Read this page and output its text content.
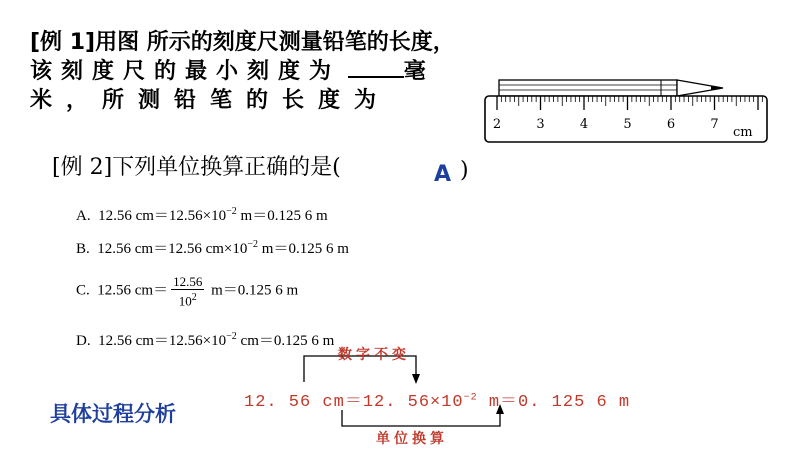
[例 1]用图 所示的刻度尺测量铅笔的长度，
该刻度尺的最小刻度为	毫
米，所测铅笔的长度为
2	3	4	5	6	7
cm
[例 2]下列单位换算正确的是(	A )
A. 12.56 $cm=12.56\times 10^{-2}$ m＝0.125 6 m
B. 12.56 cm＝12.56 $cm\times 10^{-2}$ m＝0.125 6 m
C. 12.56 $cm= \frac{12.56}{10^2} m=0.125$ 6 m
D. 12.56 $cm=12.56\times 10^{-2}$ cm＝0.125 6 m
具体过程分析
数字不变
12. 56 cm＝12. $56\times 10^{-2}$ m＝0. 125 6 m
单位换算
